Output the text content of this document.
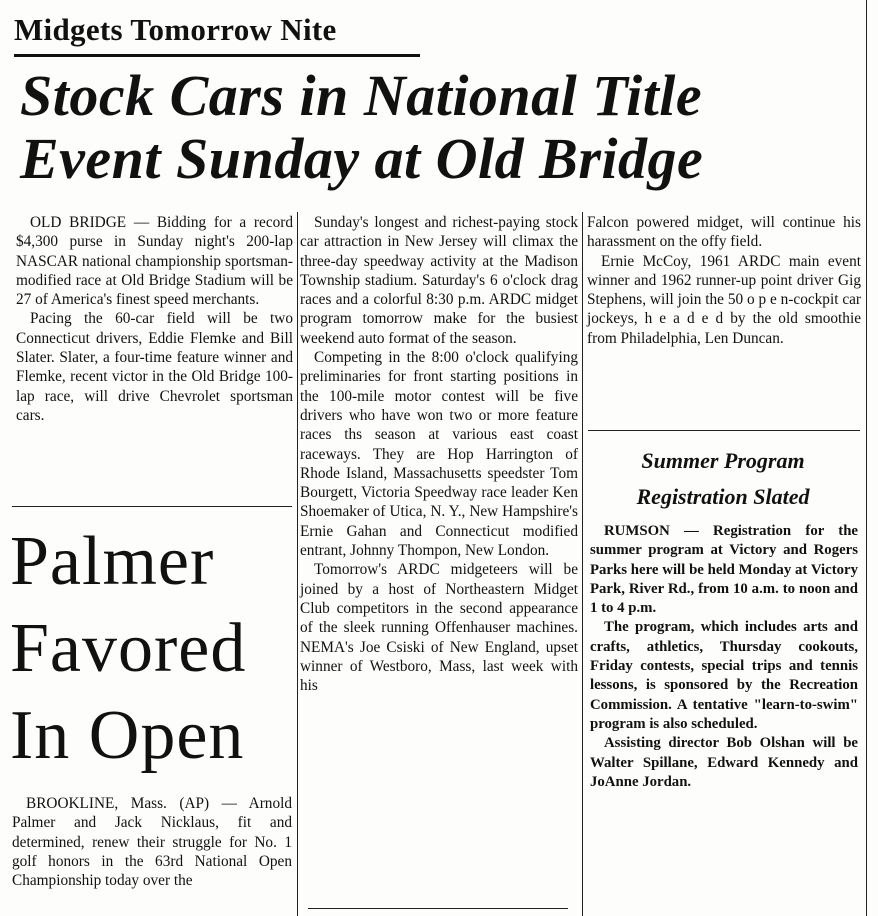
Midgets Tomorrow Nite
Stock Cars in National Title
Event Sunday at Old Bridge

OLD BRIDGE — Bidding for a record $4,300 purse in Sunday night's 200-lap NASCAR national championship sportsman-modified race at Old Bridge Stadium will be 27 of America's finest speed merchants.

Pacing the 60-car field will be two Connecticut drivers, Eddie Flemke and Bill Slater. Slater, a four-time feature winner and Flemke, recent victor in the Old Bridge 100-lap race, will drive Chevrolet sportsman cars.

Sunday's longest and richest-paying stock car attraction in New Jersey will climax the three-day speedway activity at the Madison Township stadium. Saturday's 6 o'clock drag races and a colorful 8:30 p.m. ARDC midget program tomorrow make for the busiest weekend auto format of the season.

Competing in the 8:00 o'clock qualifying preliminaries for front starting positions in the 100-mile motor contest will be five drivers who have won two or more feature races ths season at various east coast raceways. They are Hop Harrington of Rhode Island, Massachusetts speedster Tom Bourgett, Victoria Speedway race leader Ken Shoemaker of Utica, N. Y., New Hampshire's Ernie Gahan and Connecticut modified entrant, Johnny Thompon, New London.

Tomorrow's ARDC midgeteers will be joined by a host of Northeastern Midget Club competitors in the second appearance of the sleek running Offenhauser machines. NEMA's Joe Csiski of New England, upset winner of Westboro, Mass, last week with his

Falcon powered midget, will continue his harassment on the offy field.

Ernie McCoy, 1961 ARDC main event winner and 1962 runner-up point driver Gig Stephens, will join the 50 o p e n-cockpit car jockeys, h e a d e d by the old smoothie from Philadelphia, Len Duncan.

Palmer
Favored
In Open

BROOKLINE, Mass. (AP) — Arnold Palmer and Jack Nicklaus, fit and determined, renew their struggle for No. 1 golf honors in the 63rd National Open Championship today over the

Summer Program
Registration Slated

RUMSON — Registration for the summer program at Victory and Rogers Parks here will be held Monday at Victory Park, River Rd., from 10 a.m. to noon and 1 to 4 p.m.

The program, which includes arts and crafts, athletics, Thursday cookouts, Friday contests, special trips and tennis lessons, is sponsored by the Recreation Commission. A tentative "learn-to-swim" program is also scheduled.

Assisting director Bob Olshan will be Walter Spillane, Edward Kennedy and JoAnne Jordan.
